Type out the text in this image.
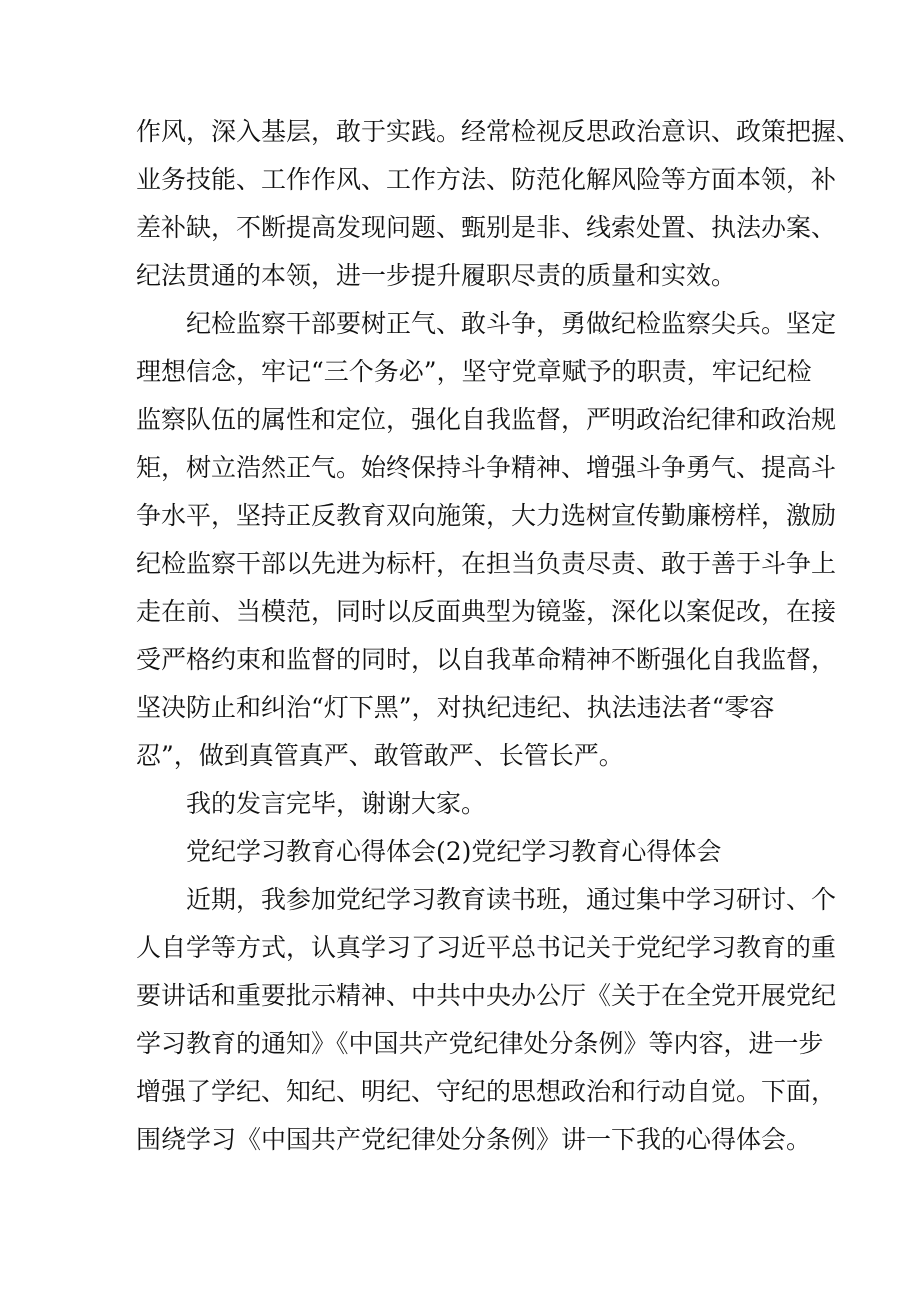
作风，深入基层，敢于实践。经常检视反思政治意识、政策把握、
业务技能、工作作风、工作方法、防范化解风险等方面本领，补
差补缺，不断提高发现问题、甄别是非、线索处置、执法办案、
纪法贯通的本领，进一步提升履职尽责的质量和实效。
纪检监察干部要树正气、敢斗争，勇做纪检监察尖兵。坚定
理想信念，牢记“三个务必”，坚守党章赋予的职责，牢记纪检
监察队伍的属性和定位，强化自我监督，严明政治纪律和政治规
矩，树立浩然正气。始终保持斗争精神、增强斗争勇气、提高斗
争水平，坚持正反教育双向施策，大力选树宣传勤廉榜样，激励
纪检监察干部以先进为标杆，在担当负责尽责、敢于善于斗争上
走在前、当模范，同时以反面典型为镜鉴，深化以案促改，在接
受严格约束和监督的同时，以自我革命精神不断强化自我监督，
坚决防止和纠治“灯下黑”，对执纪违纪、执法违法者“零容
忍”，做到真管真严、敢管敢严、长管长严。
我的发言完毕，谢谢大家。
党纪学习教育心得体会(2)党纪学习教育心得体会
近期，我参加党纪学习教育读书班，通过集中学习研讨、个
人自学等方式，认真学习了习近平总书记关于党纪学习教育的重
要讲话和重要批示精神、中共中央办公厅《关于在全党开展党纪
学习教育的通知》《中国共产党纪律处分条例》等内容，进一步
增强了学纪、知纪、明纪、守纪的思想政治和行动自觉。下面，
围绕学习《中国共产党纪律处分条例》讲一下我的心得体会。
